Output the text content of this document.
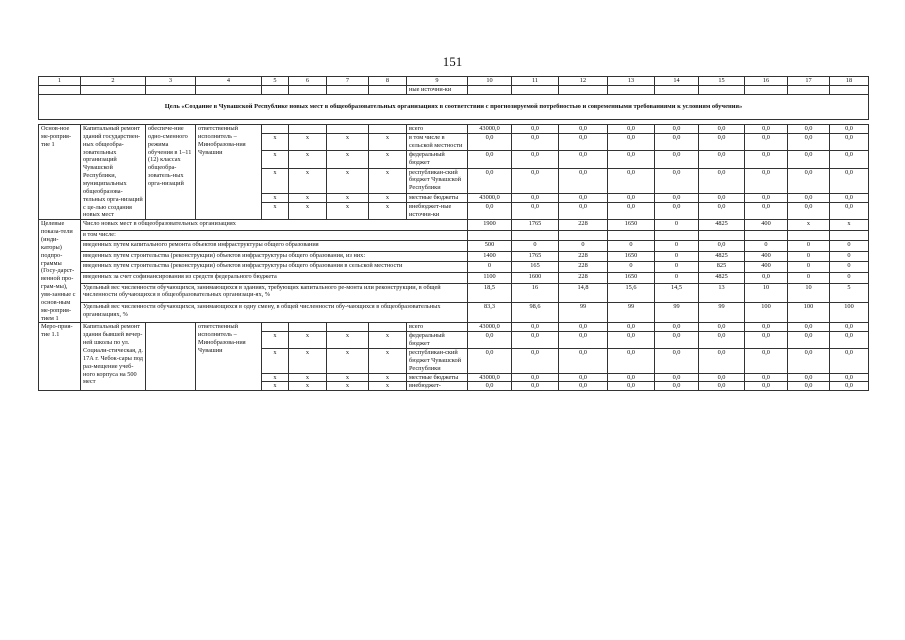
151
1	2	3	4	5	6	7	8	9	10	11	12	13	14	15	16	17	18
								ные источни-ки									
Цель «Создание в Чувашской Республике новых мест в общеобразовательных организациях в соответствии с прогнозируемой потребностью и современными требованиями к условиям обучения»																	

Основ-ное ме-роприя-тие 1	Капитальный ремонт зданий государствен-ных общеобра-зовательных организаций Чувашской Республики, муниципальных общеобразова-тельных орга-низаций с це-лью создания новых мест	обеспече-ние одно-сменного режима обучения в 1–11 (12) классах общеобра-зователь-ных орга-низаций	ответственный исполнитель – Минобразова-ния Чувашии					всего	43000,0	0,0	0,0	0,0	0,0	0,0	0,0	0,0	0,0
				х	х	х	х	в том числе в сельской местности	0,0	0,0	0,0	0,0	0,0	0,0	0,0	0,0	0,0
				х	х	х	х	федеральный бюджет	0,0	0,0	0,0	0,0	0,0	0,0	0,0	0,0	0,0
				х	х	х	х	республикан-ский бюджет Чувашской Республики	0,0	0,0	0,0	0,0	0,0	0,0	0,0	0,0	0,0
				х	х	х	х	местные бюджеты	43000,0	0,0	0,0	0,0	0,0	0,0	0,0	0,0	0,0
				х	х	х	х	внебюджет-ные источни-ки	0,0	0,0	0,0	0,0	0,0	0,0	0,0	0,0	0,0
Целевые показа-тели (инди-каторы) подпро-граммы (Госу-дарст-венной про-грам-мы), увя-занные с основ-ным ме-роприя-тием 1	Число новых мест в общеобразовательных организациях								1900	1765	228	1650	0	4825	400	х	х
	в том числе:																
	введенных путем капитального ремонта объектов инфраструктуры общего образования								500	0	0	0	0	0,0	0	0	0
	введенных путем строительства (реконструкции) объектов инфраструктуры общего образования, из них:								1400	1765	228	1650	0	4825	400	0	0
	введенных путем строительства (реконструкции) объектов инфраструктуры общего образования в сельской местности								0	165	228	0	0	825	400	0	0
	введенных за счет софинансирования из средств федерального бюджета								1100	1600	228	1650	0	4825	0,0	0	0
	Удельный вес численности обучающихся, занимающихся в зданиях, требующих капитального ре-монта или реконструкции, в общей численности обучающихся в общеобразовательных организаци-ях, %								18,5	16	14,8	15,6	14,5	13	10	10	5
	Удельный вес численности обучающихся, занимающихся в одну смену, в общей численности обу-чающихся в общеобразовательных организациях, %								83,3	98,6	99	99	99	99	100	100	100
Меро-прия-тие 1.1	Капитальный ремонт здания бывшей вечер-ней школы по ул. Социали-стическая, д. 17А г. Чебок-сары под раз-мещение учеб-ного корпуса на 500 мест		ответственный исполнитель – Минобразова-ния Чувашии					всего	43000,0	0,0	0,0	0,0	0,0	0,0	0,0	0,0	0,0
				х	х	х	х	федеральный бюджет	0,0	0,0	0,0	0,0	0,0	0,0	0,0	0,0	0,0
				х	х	х	х	республикан-ский бюджет Чувашской Республики	0,0	0,0	0,0	0,0	0,0	0,0	0,0	0,0	0,0
				х	х	х	х	местные бюджеты	43000,0	0,0	0,0	0,0	0,0	0,0	0,0	0,0	0,0
				х	х	х	х	внебюджет-	0,0	0,0	0,0	0,0	0,0	0,0	0,0	0,0	0,0
